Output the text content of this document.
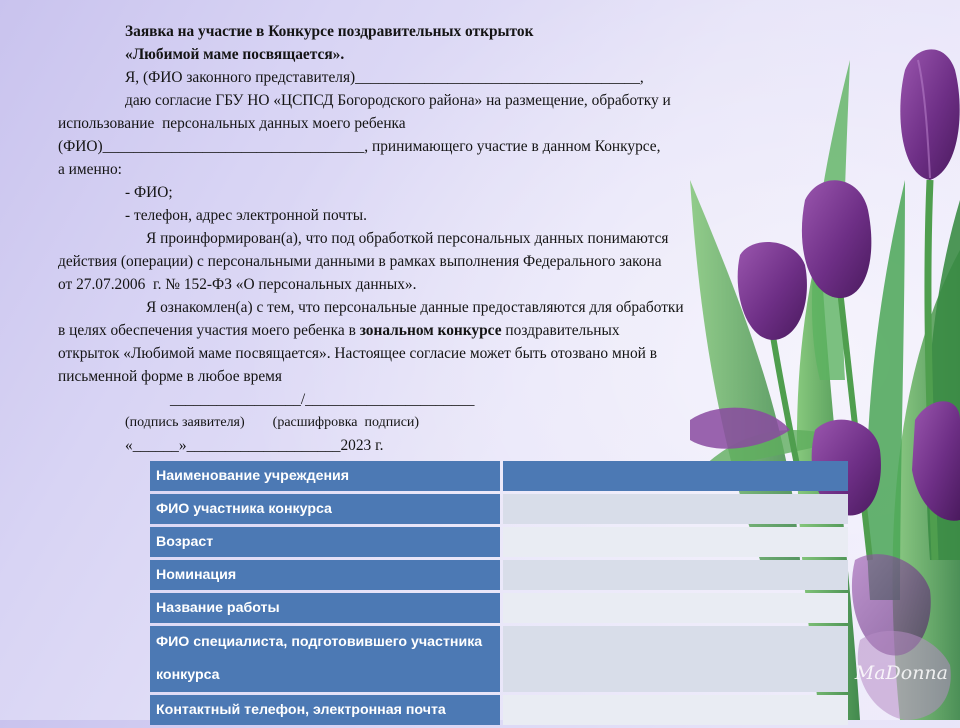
Заявка на участие в Конкурсе поздравительных открыток

«Любимой маме посвящается».

Я, (ФИО законного представителя)_____________________________________,

даю согласие ГБУ НО «ЦСПСД Богородского района» на размещение, обработку и

использование  персональных данных моего ребенка

(ФИО)__________________________________, принимающего участие в данном Конкурсе,

а именно:

- ФИО;

- телефон, адрес электронной почты.

Я проинформирован(а), что под обработкой персональных данных понимаются

действия (операции) с персональными данными в рамках выполнения Федерального закона

от 27.07.2006  г. № 152-ФЗ «О персональных данных».

Я ознакомлен(а) с тем, что персональные данные предоставляются для обработки

в целях обеспечения участия моего ребенка в зональном конкурсе поздравительных

открыток «Любимой маме посвящается». Настоящее согласие может быть отозвано мной в

письменной форме в любое время

_________________/______________________

(подпись заявителя)        (расшифровка  подписи)

«______»____________________2023 г.

Наименование учреждения	
ФИО участника конкурса	
Возраст	
Номинация	
Название работы	
ФИО специалиста, подготовившего участника конкурса	
Контактный телефон, электронная почта	
MaDonna
